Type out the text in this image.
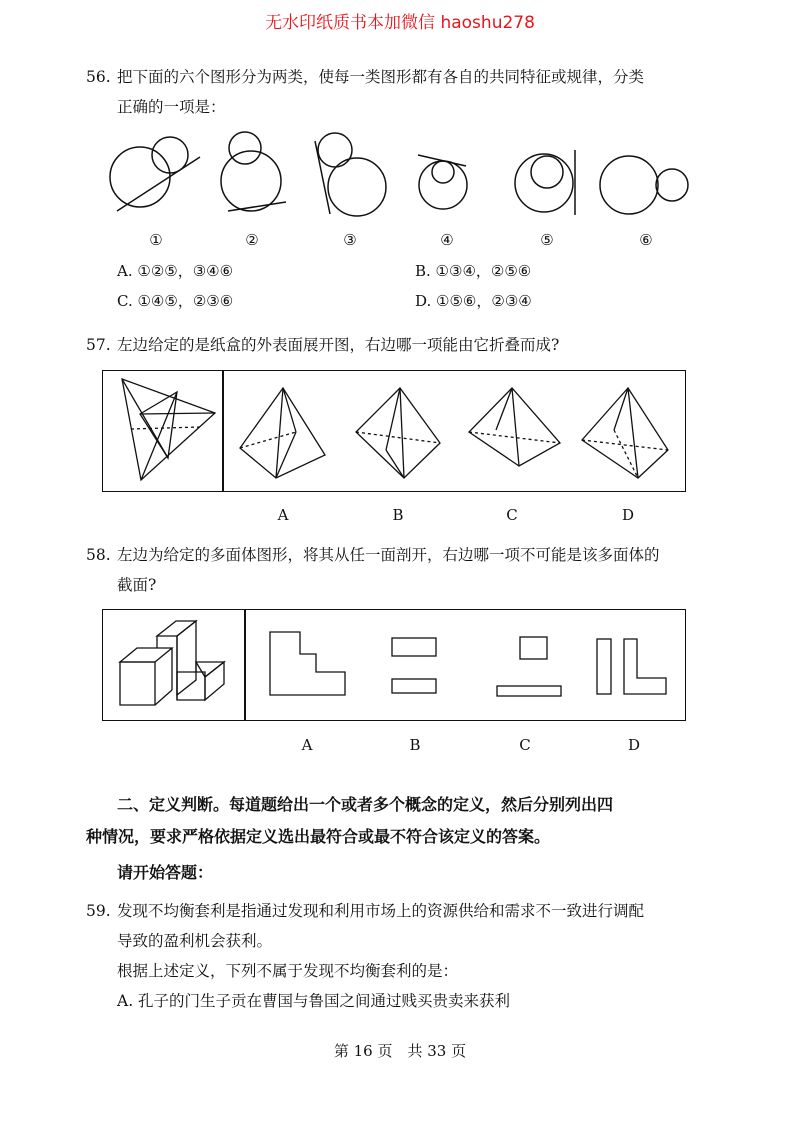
无水印纸质书本加微信 haoshu278
56. 把下面的六个图形分为两类，使每一类图形都有各自的共同特征或规律，分类
正确的一项是：
①	②	③	④	⑤	⑥
A. ①②⑤，③④⑥	B. ①③④，②⑤⑥
C. ①④⑤，②③⑥	D. ①⑤⑥，②③④
57. 左边给定的是纸盒的外表面展开图，右边哪一项能由它折叠而成?
A	B	C	D
58. 左边为给定的多面体图形，将其从任一面剖开，右边哪一项不可能是该多面体的
截面?
A	B	C	D
二、定义判断。每道题给出一个或者多个概念的定义，然后分别列出四
种情况，要求严格依据定义选出最符合或最不符合该定义的答案。
请开始答题：
59. 发现不均衡套利是指通过发现和利用市场上的资源供给和需求不一致进行调配
导致的盈利机会获利。
根据上述定义，下列不属于发现不均衡套利的是：
A. 孔子的门生子贡在曹国与鲁国之间通过贱买贵卖来获利
第 16 页　共 33 页
